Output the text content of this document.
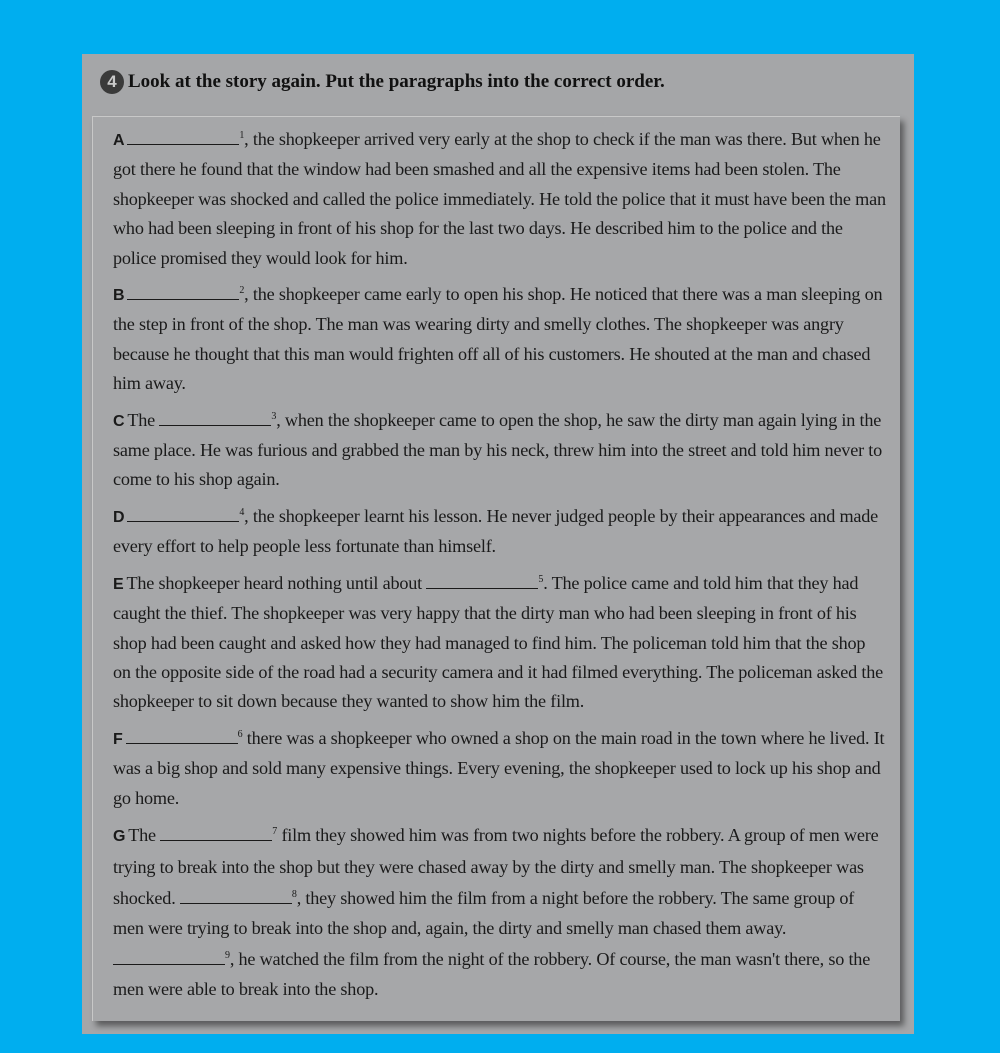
4 Look at the story again. Put the paragraphs into the correct order.

A	$^1$, the shopkeeper arrived very early at the shop to check if the man was there. But when he got there he found that the window had been smashed and all the expensive items had been stolen. The shopkeeper was shocked and called the police immediately. He told the police that it must have been the man who had been sleeping in front of his shop for the last two days. He described him to the police and the police promised they would look for him.

B	$^2$, the shopkeeper came early to open his shop. He noticed that there was a man sleeping on the step in front of the shop. The man was wearing dirty and smelly clothes. The shopkeeper was angry because he thought that this man would frighten off all of his customers. He shouted at the man and chased him away.

C The	$^3$, when the shopkeeper came to open the shop, he saw the dirty man again lying in the same place. He was furious and grabbed the man by his neck, threw him into the street and told him never to come to his shop again.

D	$^4$, the shopkeeper learnt his lesson. He never judged people by their appearances and made every effort to help people less fortunate than himself.

E The shopkeeper heard nothing until about	$^5$. The police came and told him that they had caught the thief. The shopkeeper was very happy that the dirty man who had been sleeping in front of his shop had been caught and asked how they had managed to find him. The policeman told him that the shop on the opposite side of the road had a security camera and it had filmed everything. The policeman asked the shopkeeper to sit down because they wanted to show him the film.

F	$^6$ there was a shopkeeper who owned a shop on the main road in the town where he lived. It was a big shop and sold many expensive things. Every evening, the shopkeeper used to lock up his shop and go home.

G The	$^7$ film they showed him was from two nights before the robbery. A group of men were trying to break into the shop but they were chased away by the dirty and smelly man. The shopkeeper was shocked.	$^8$, they showed him the film from a night before the robbery. The same group of men were trying to break into the shop and, again, the dirty and smelly man chased them away. $^9$, he watched the film from the night of the robbery. Of course, the man wasn't there, so the men were able to break into the shop.
